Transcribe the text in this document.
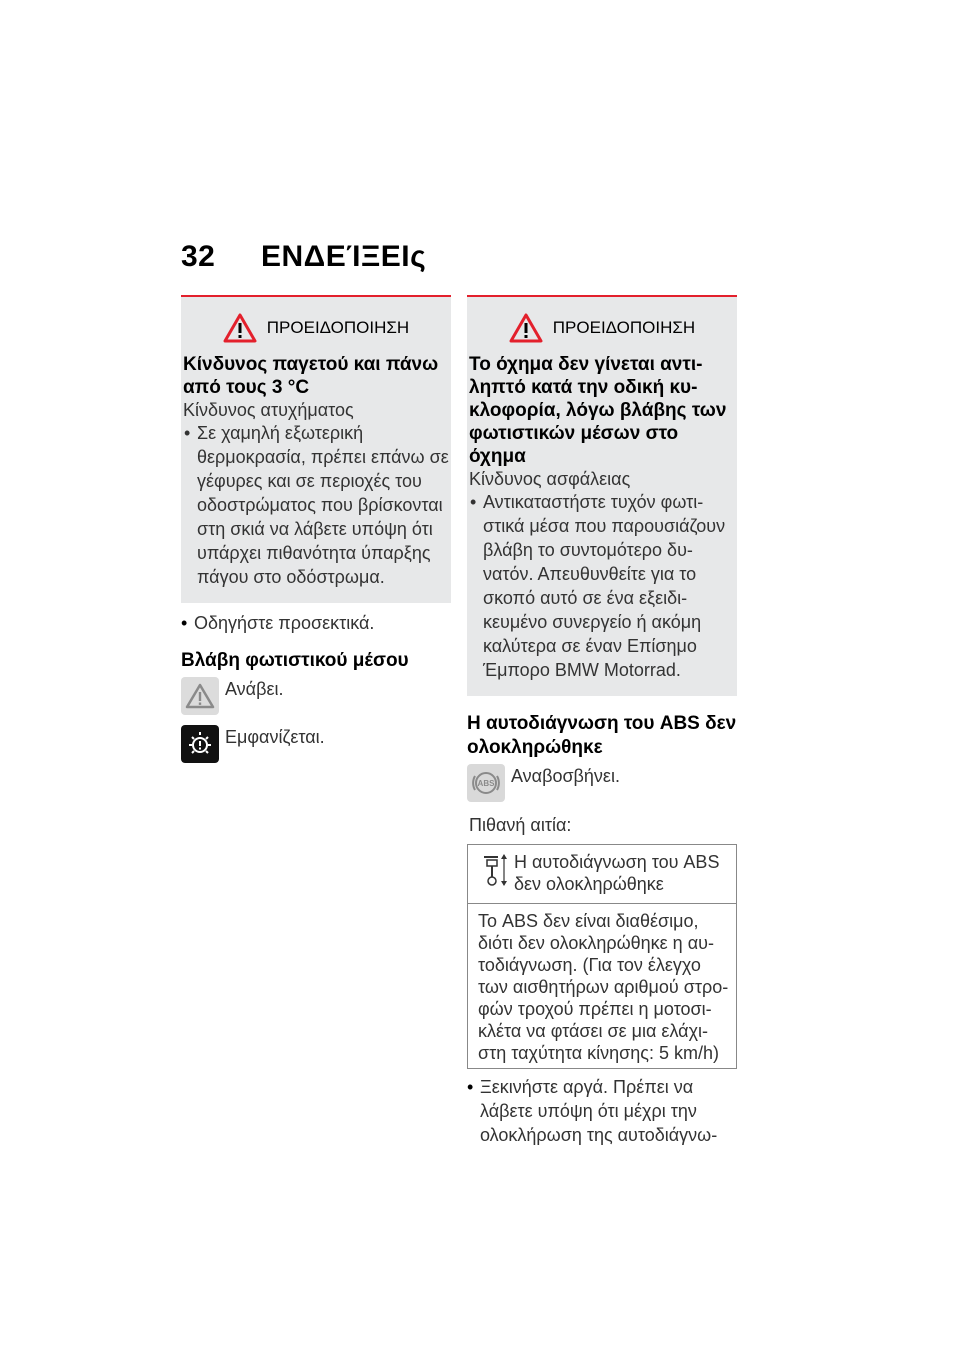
32 ΕΝΔΕΊΞΕΙς
ΠΡΟΕΙΔΟΠΟΙΗΣΗ
Κίνδυνος παγετού και πάνω από τους 3 °C
Κίνδυνος ατυχήματος
• Σε χαμηλή εξωτερική θερμοκρασία, πρέπει επάνω σε γέφυρες και σε περιοχές του οδοστρώματος που βρίσκονται στη σκιά να λάβετε υπόψη ότι υπάρχει πιθανότητα ύπαρξης πάγου στο οδόστρωμα.
• Οδηγήστε προσεκτικά.
Βλάβη φωτιστικού μέσου
Ανάβει.
Εμφανίζεται.
ΠΡΟΕΙΔΟΠΟΙΗΣΗ
Το όχημα δεν γίνεται αντι- ληπτό κατά την οδική κυ- κλοφορία, λόγω βλάβης των φωτιστικών μέσων στο όχημα
Κίνδυνος ασφάλειας
• Αντικαταστήστε τυχόν φωτι- στικά μέσα που παρουσιάζουν βλάβη το συντομότερο δυ- νατόν. Απευθυνθείτε για το σκοπό αυτό σε ένα εξειδι- κευμένο συνεργείο ή ακόμη καλύτερα σε έναν Επίσημο Έμπορο BMW Motorrad.
Η αυτοδιάγνωση του ABS δεν ολοκληρώθηκε
ABS Αναβοσβήνει.
Πιθανή αιτία:
Η αυτοδιάγνωση του ABS δεν ολοκληρώθηκε
Το ABS δεν είναι διαθέσιμο, διότι δεν ολοκληρώθηκε η αυ- τοδιάγνωση. (Για τον έλεγχο των αισθητήρων αριθμού στρο- φών τροχού πρέπει η μοτοσι- κλέτα να φτάσει σε μια ελάχι- στη ταχύτητα κίνησης: 5 km/h)
• Ξεκινήστε αργά. Πρέπει να λάβετε υπόψη ότι μέχρι την ολοκλήρωση της αυτοδιάγνω-
